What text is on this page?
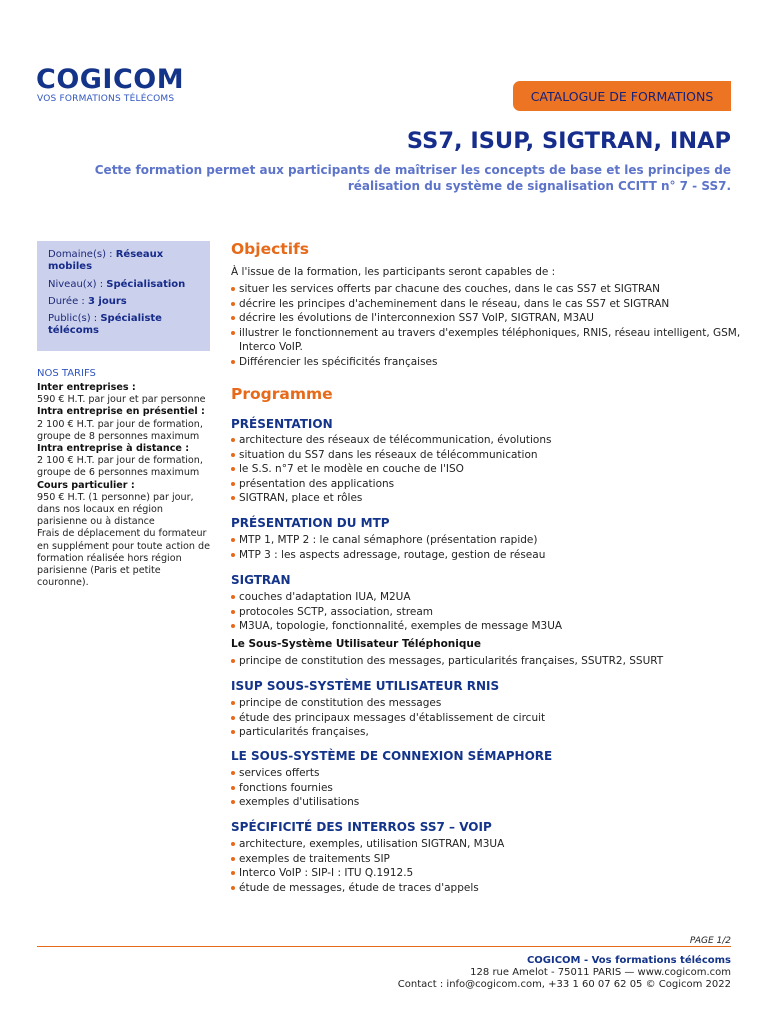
COGICOM
VOS FORMATIONS TÉLÉCOMS	CATALOGUE DE FORMATIONS
SS7, ISUP, SIGTRAN, INAP
Cette formation permet aux participants de maîtriser les concepts de base et les principes de réalisation du système de signalisation CCITT n° 7 - SS7.
Domaine(s) : Réseaux mobiles
Niveau(x) : Spécialisation
Durée : 3 jours
Public(s) : Spécialiste télécoms
NOS TARIFS
Inter entreprises :
590 € H.T. par jour et par personne
Intra entreprise en présentiel :
2 100 € H.T. par jour de formation, groupe de 8 personnes maximum
Intra entreprise à distance :
2 100 € H.T. par jour de formation, groupe de 6 personnes maximum
Cours particulier :
950 € H.T. (1 personne) par jour, dans nos locaux en région parisienne ou à distance
Frais de déplacement du formateur en supplément pour toute action de formation réalisée hors région parisienne (Paris et petite couronne).
Objectifs
À l'issue de la formation, les participants seront capables de :
situer les services offerts par chacune des couches, dans le cas SS7 et SIGTRAN
décrire les principes d'acheminement dans le réseau, dans le cas SS7 et SIGTRAN
décrire les évolutions de l'interconnexion SS7 VoIP, SIGTRAN, M3AU
illustrer le fonctionnement au travers d'exemples téléphoniques, RNIS, réseau intelligent, GSM, Interco VoIP.
Différencier les spécificités françaises
Programme
PRÉSENTATION
architecture des réseaux de télécommunication, évolutions
situation du SS7 dans les réseaux de télécommunication
le S.S. n°7 et le modèle en couche de l'ISO
présentation des applications
SIGTRAN, place et rôles
PRÉSENTATION DU MTP
MTP 1, MTP 2 : le canal sémaphore (présentation rapide)
MTP 3 : les aspects adressage, routage, gestion de réseau
SIGTRAN
couches d'adaptation IUA, M2UA
protocoles SCTP, association, stream
M3UA, topologie, fonctionnalité, exemples de message M3UA
Le Sous-Système Utilisateur Téléphonique
principe de constitution des messages, particularités françaises, SSUTR2, SSURT
ISUP SOUS-SYSTÈME UTILISATEUR RNIS
principe de constitution des messages
étude des principaux messages d'établissement de circuit
particularités françaises,
LE SOUS-SYSTÈME DE CONNEXION SÉMAPHORE
services offerts
fonctions fournies
exemples d'utilisations
SPÉCIFICITÉ DES INTERROS SS7 – VOIP
architecture, exemples, utilisation SIGTRAN, M3UA
exemples de traitements SIP
Interco VoIP : SIP-I : ITU Q.1912.5
étude de messages, étude de traces d'appels
PAGE 1/2
COGICOM - Vos formations télécoms
128 rue Amelot - 75011 PARIS — www.cogicom.com
Contact : info@cogicom.com, +33 1 60 07 62 05 © Cogicom 2022
